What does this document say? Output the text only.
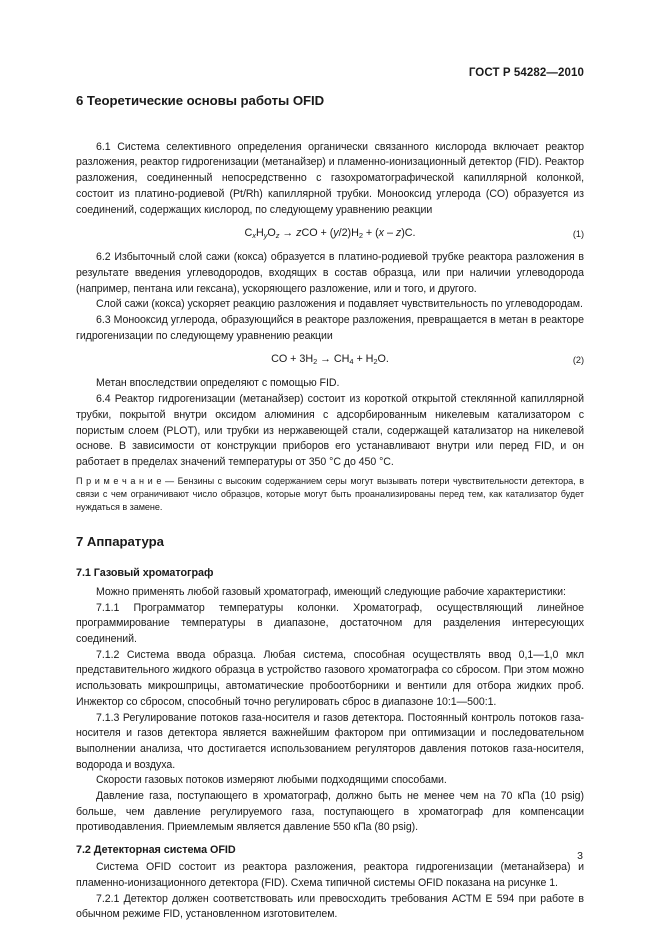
ГОСТ Р 54282—2010
6 Теоретические основы работы OFID

6.1 Система селективного определения органически связанного кислорода включает реактор разложения, реактор гидрогенизации (метанайзер) и пламенно-ионизационный детектор (FID). Реактор разложения, соединенный непосредственно с газохроматографической капиллярной колонкой, состоит из платино-родиевой (Pt/Rh) капиллярной трубки. Монооксид углерода (CO) образуется из соединений, содержащих кислород, по следующему уравнению реакции

$C_xH_yO_z$ → zCO + $(y/2)H_2 + (x - z)C$.	(1)

6.2 Избыточный слой сажи (кокса) образуется в платино-родиевой трубке реактора разложения в результате введения углеводородов, входящих в состав образца, или при наличии углеводорода (например, пентана или гексана), ускоряющего разложение, или и того, и другого.

Слой сажи (кокса) ускоряет реакцию разложения и подавляет чувствительность по углеводородам.

6.3 Монооксид углерода, образующийся в реакторе разложения, превращается в метан в реакторе гидрогенизации по следующему уравнению реакции

CO + $3H_2 \to CH_4 + H_2O$.	(2)

Метан впоследствии определяют с помощью FID.

6.4 Реактор гидрогенизации (метанайзер) состоит из короткой открытой стеклянной капиллярной трубки, покрытой внутри оксидом алюминия с адсорбированным никелевым катализатором с пористым слоем (PLOT), или трубки из нержавеющей стали, содержащей катализатор на никелевой основе. В зависимости от конструкции приборов его устанавливают внутри или перед FID, и он работает в пределах значений температуры от 350 °C до 450 °C.

П р и м е ч а н и е — Бензины с высоким содержанием серы могут вызывать потери чувствительности детектора, в связи с чем ограничивают число образцов, которые могут быть проанализированы перед тем, как катализатор будет нуждаться в замене.

7 Аппаратура
7.1 Газовый хроматограф

Можно применять любой газовый хроматограф, имеющий следующие рабочие характеристики:

7.1.1 Программатор температуры колонки. Хроматограф, осуществляющий линейное программирование температуры в диапазоне, достаточном для разделения интересующих соединений.

7.1.2 Система ввода образца. Любая система, способная осуществлять ввод 0,1—1,0 мкл представительного жидкого образца в устройство газового хроматографа со сбросом. При этом можно использовать микрошприцы, автоматические пробоотборники и вентили для отбора жидких проб. Инжектор со сбросом, способный точно регулировать сброс в диапазоне 10:1—500:1.

7.1.3 Регулирование потоков газа-носителя и газов детектора. Постоянный контроль потоков газа-носителя и газов детектора является важнейшим фактором при оптимизации и последовательном выполнении анализа, что достигается использованием регуляторов давления потоков газа-носителя, водорода и воздуха.

Скорости газовых потоков измеряют любыми подходящими способами.

Давление газа, поступающего в хроматограф, должно быть не менее чем на 70 кПа (10 psig) больше, чем давление регулируемого газа, поступающего в хроматограф для компенсации противодавления. Приемлемым является давление 550 кПа (80 psig).

7.2 Детекторная система OFID

Система OFID состоит из реактора разложения, реактора гидрогенизации (метанайзера) и пламенно-ионизационного детектора (FID). Схема типичной системы OFID показана на рисунке 1.

7.2.1 Детектор должен соответствовать или превосходить требования АСТМ Е 594 при работе в обычном режиме FID, установленном изготовителем.

3
